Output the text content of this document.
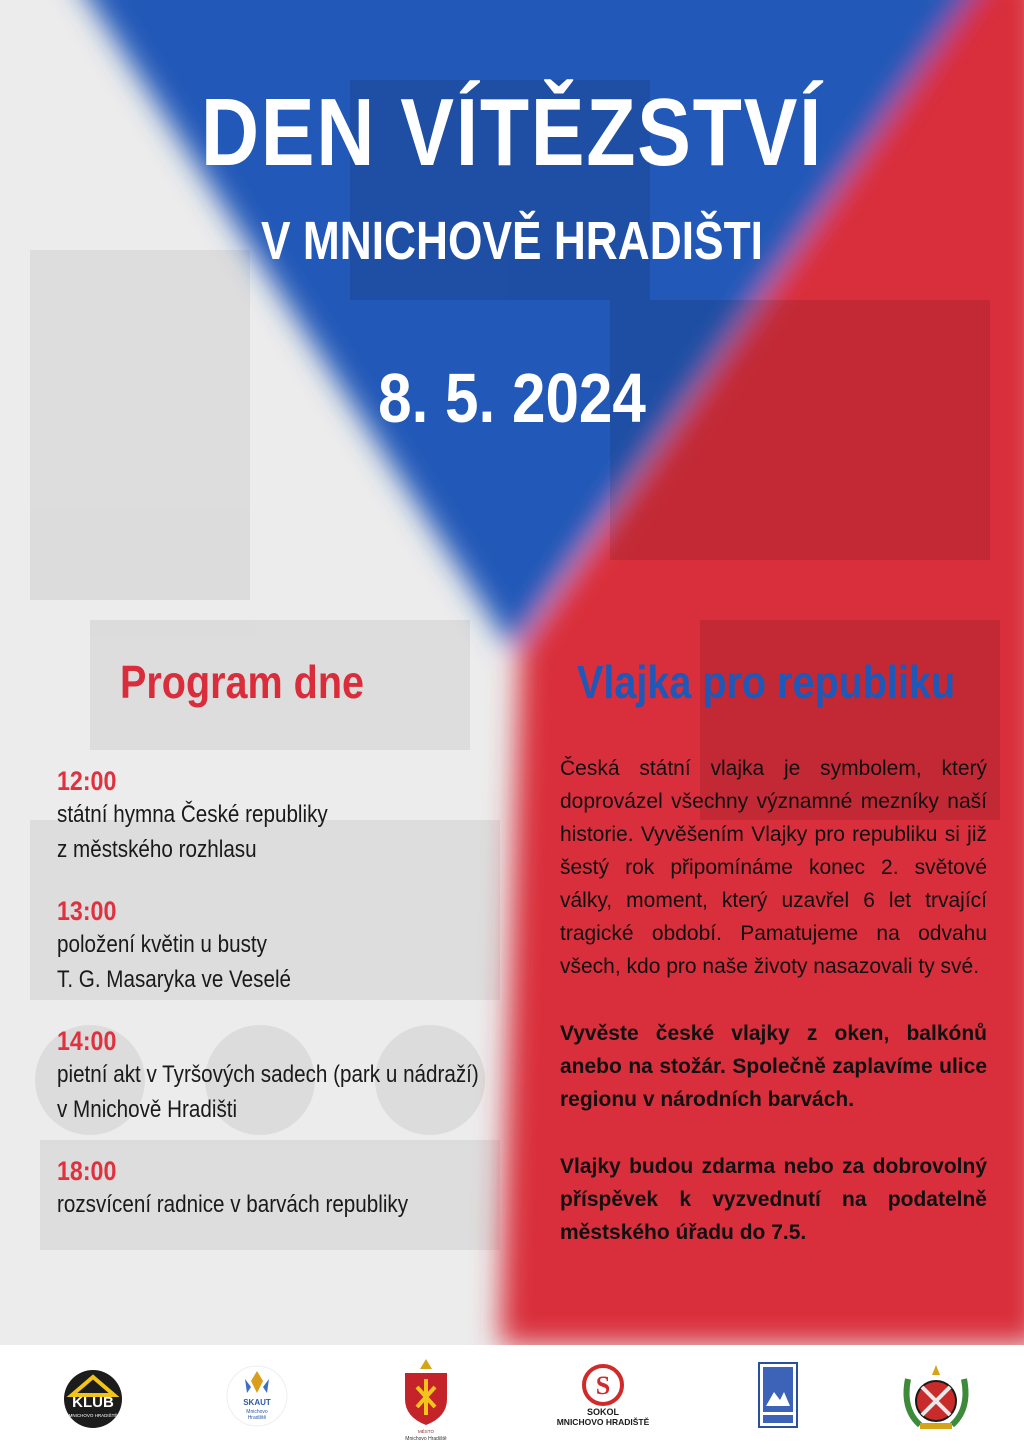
DEN VÍTĚZSTVÍ
V MNICHOVĚ HRADIŠTI
8. 5. 2024
Program dne	Vlajka pro republiku
12:00
státní hymna České republiky
z městského rozhlasu
13:00
položení květin u busty
T. G. Masaryka ve Veselé
14:00
pietní akt v Tyršových sadech (park u nádraží)
v Mnichově Hradišti
18:00
rozsvícení radnice v barvách republiky

Česká státní vlajka je symbolem, který doprovázel všechny významné mezníky naší historie. Vyvěšením Vlajky pro republiku si již šestý rok připomínáme konec 2. světové války, moment, který uzavřel 6 let trvající tragické období. Pamatujeme na odvahu všech, kdo pro naše životy nasazovali ty své.

Vyvěste české vlajky z oken, balkónů anebo na stožár. Společně zaplavíme ulice regionu v národních barvách.

Vlajky budou zdarma nebo za dobrovolný příspěvek k vyzvednutí na podatelně městského úřadu do 7.5.

KLUB
MNICHOVO HRADIŠTĚ
SKAUT
Mnichovo
Hradiště
MĚSTO
Mnichovo Hradiště
S
SOKOL
MNICHOVO HRADIŠTĚ
